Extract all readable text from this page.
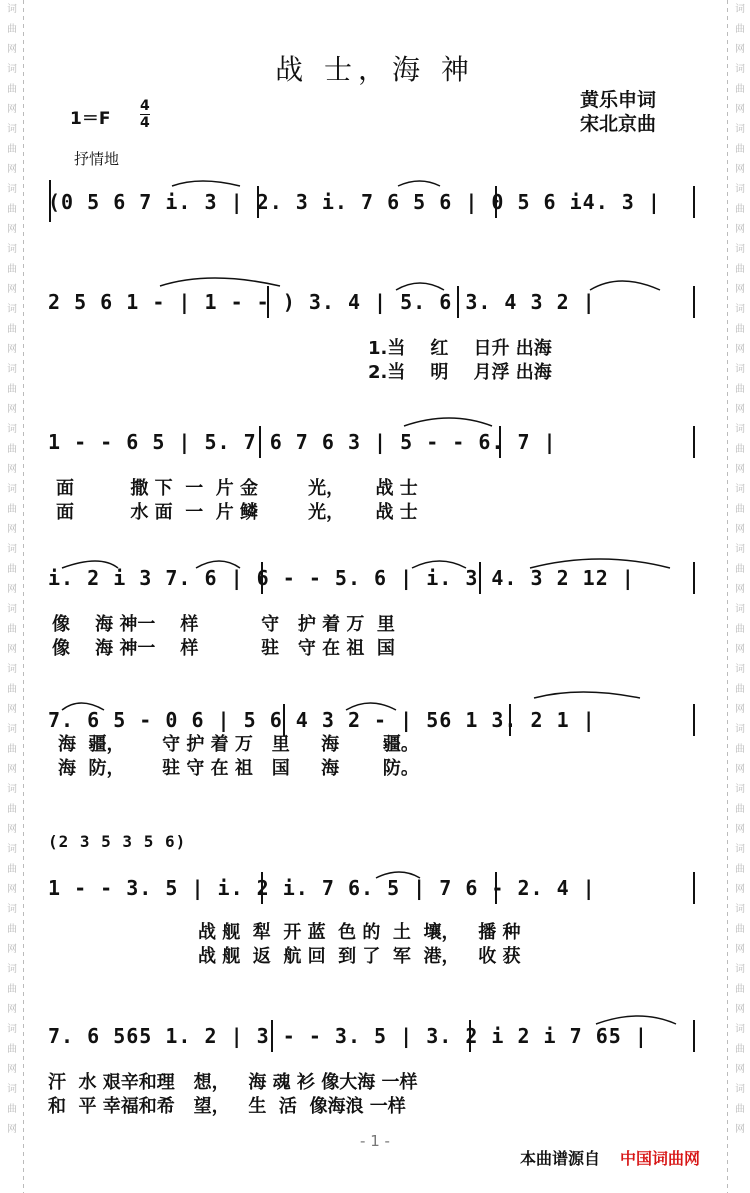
词
曲
网
词
曲
网
词
曲
网
词
曲
网
词
曲
网
词
曲
网
词
曲
网
词
曲
网
词
曲
网
词
曲
网
词
曲
网
词
曲
网
词
曲
网
词
曲
网
词
曲
网
词
曲
网
词
曲
网
词
曲
网
词
曲
网
词
曲
网
词
曲
网
词
曲
网
词
曲
网
词
曲
网
词
曲
网
词
曲
网
词
曲
网
词
曲
网
词
曲
网
词
曲
网
词
曲
网
词
曲
网
词
曲
网
词
曲
网
词
曲
网
词
曲
网
词
曲
网
词
曲
网
战 士，海 神
1＝F
4
4
黄乐申词
宋北京曲
抒情地
(0 5 6 7 i. 3 | 2. 3 i. 7 6 5 6 | 0 5 6 i4. 3 |
2 5 6 1 - | 1 - - ) 3. 4 | 5. 6 3. 4 3 2 |
1.当    红    日升 出海
2.当    明    月浮 出海
1 - - 6 5 | 5. 7 6 7 6 3 | 5 - - 6. 7 |
面         撒 下  一  片 金        光，     战 士
面         水 面  一  片 鳞        光，     战 士
i. 2 i 3 7. 6 | 6 - - 5. 6 | i. 3 4. 3 2 12 |
像    海 神一    样          守   护 着 万  里
像    海 神一    样          驻   守 在 祖  国
7. 6 5 - 0 6 | 5 6 4 3 2 - | 56 1 3. 2 1 |
海  疆，      守 护 着 万   里     海       疆。
海  防，      驻 守 在 祖   国     海       防。
(2 3 5 3 5 6)
1 - - 3. 5 | i. 2 i. 7 6. 5 | 7 6 - 2. 4 |
战 舰  犁  开 蓝  色 的  土  壤，   播 种
战 舰  返  航 回  到 了  军  港，   收 获
7. 6 565 1. 2 | 3 - - 3. 5 | 3. 2 i 2 i 7 65 |
汗  水 艰辛和理   想，   海 魂 衫 像大海 一样
和  平 幸福和希   望，   生  活  像海浪 一样
- 1 -
本曲谱源自 中国词曲网
